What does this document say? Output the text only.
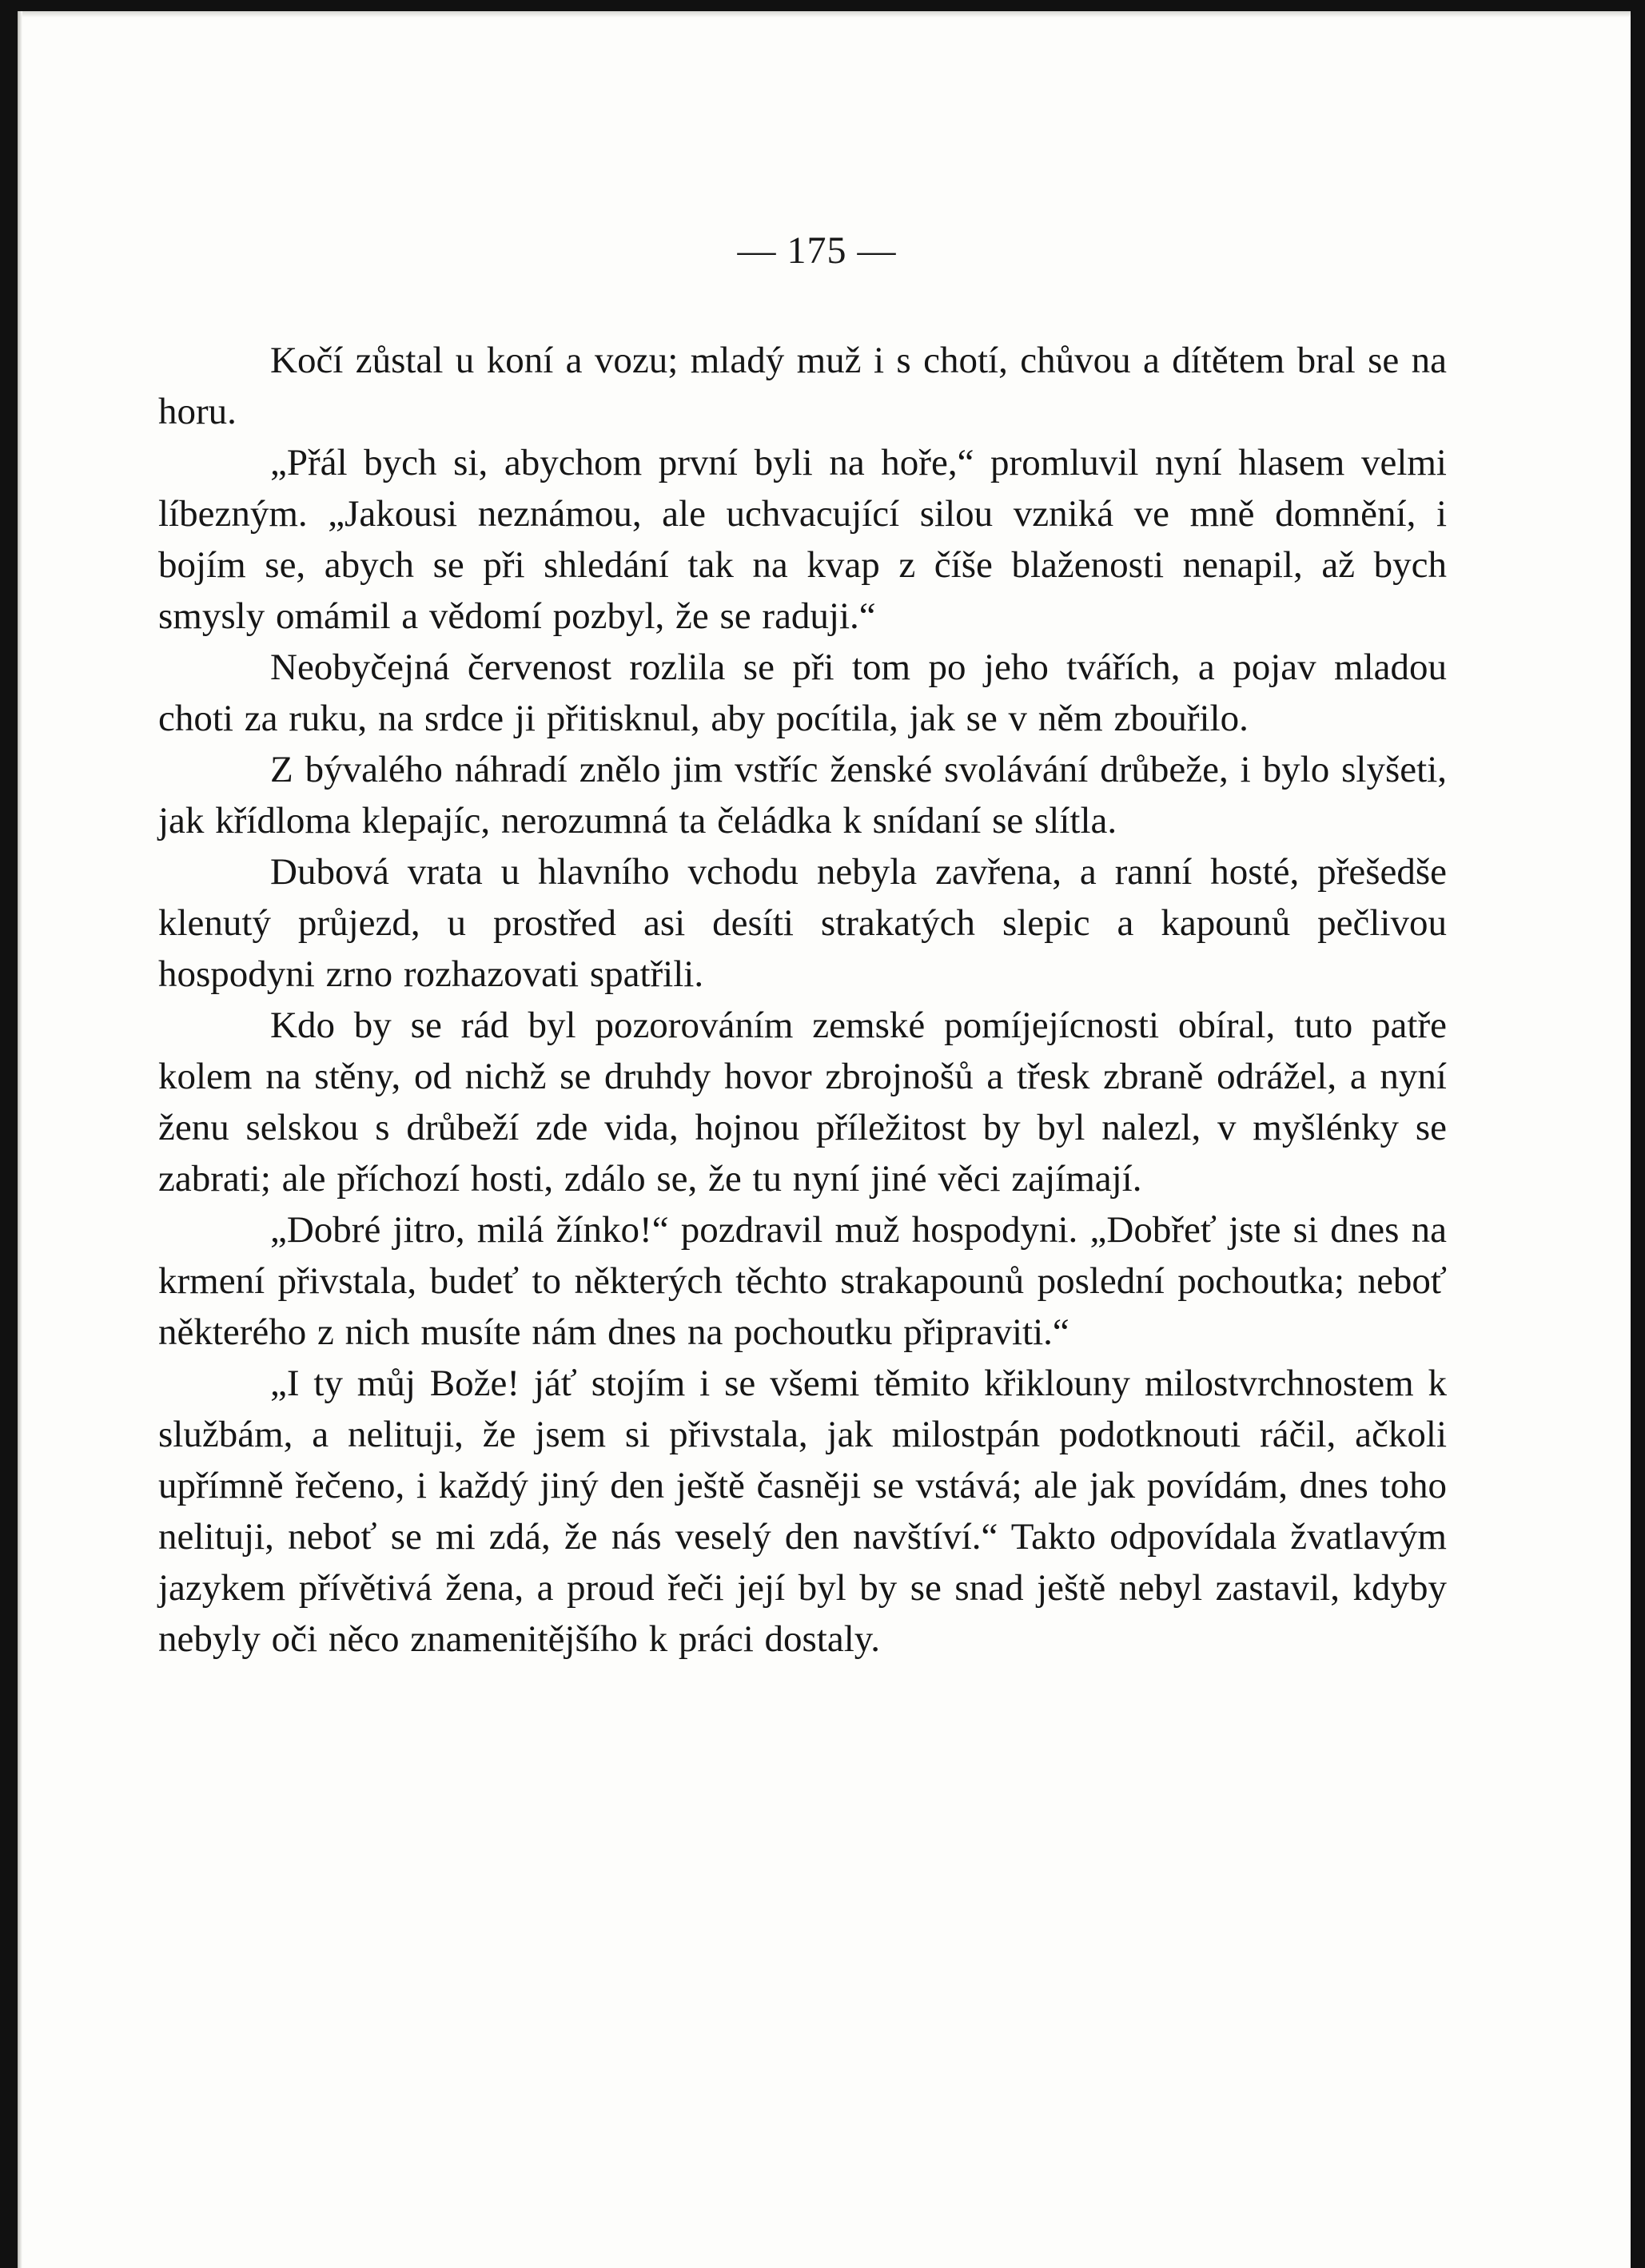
— 175 —

Kočí zůstal u koní a vozu; mladý muž i s chotí, chůvou a dítětem bral se na horu.

„Přál bych si, abychom první byli na hoře,“ promluvil nyní hlasem velmi líbezným. „Jakousi neznámou, ale uchvacující silou vzniká ve mně domnění, i bojím se, abych se při shledání tak na kvap z číše blaženosti nenapil, až bych smysly omámil a vědomí pozbyl, že se raduji.“

Neobyčejná červenost rozlila se při tom po jeho tvářích, a pojav mladou choti za ruku, na srdce ji přitisknul, aby pocítila, jak se v něm zbouřilo.

Z bývalého náhradí znělo jim vstříc ženské svolávání drůbeže, i bylo slyšeti, jak křídloma klepajíc, nerozumná ta čeládka k snídaní se slítla.

Dubová vrata u hlavního vchodu nebyla zavřena, a ranní hosté, přešedše klenutý průjezd, u prostřed asi desíti strakatých slepic a kapounů pečlivou hospodyni zrno rozhazovati spatřili.

Kdo by se rád byl pozorováním zemské pomíjejícnosti obíral, tuto patře kolem na stěny, od nichž se druhdy hovor zbrojnošů a třesk zbraně odrážel, a nyní ženu selskou s drůbeží zde vida, hojnou příležitost by byl nalezl, v myšlénky se zabrati; ale příchozí hosti, zdálo se, že tu nyní jiné věci zajímají.

„Dobré jitro, milá žínko!“ pozdravil muž hospodyni. „Dobřeť jste si dnes na krmení přivstala, budeť to některých těchto strakapounů poslední pochoutka; neboť některého z nich musíte nám dnes na pochoutku připraviti.“

„I ty můj Bože! jáť stojím i se všemi těmito křiklouny milostvrchnostem k službám, a nelituji, že jsem si přivstala, jak milostpán podotknouti ráčil, ačkoli upřímně řečeno, i každý jiný den ještě časněji se vstává; ale jak povídám, dnes toho nelituji, neboť se mi zdá, že nás veselý den navštíví.“ Takto odpovídala žvatlavým jazykem přívětivá žena, a proud řeči její byl by se snad ještě nebyl zastavil, kdyby nebyly oči něco znamenitějšího k práci dostaly.
